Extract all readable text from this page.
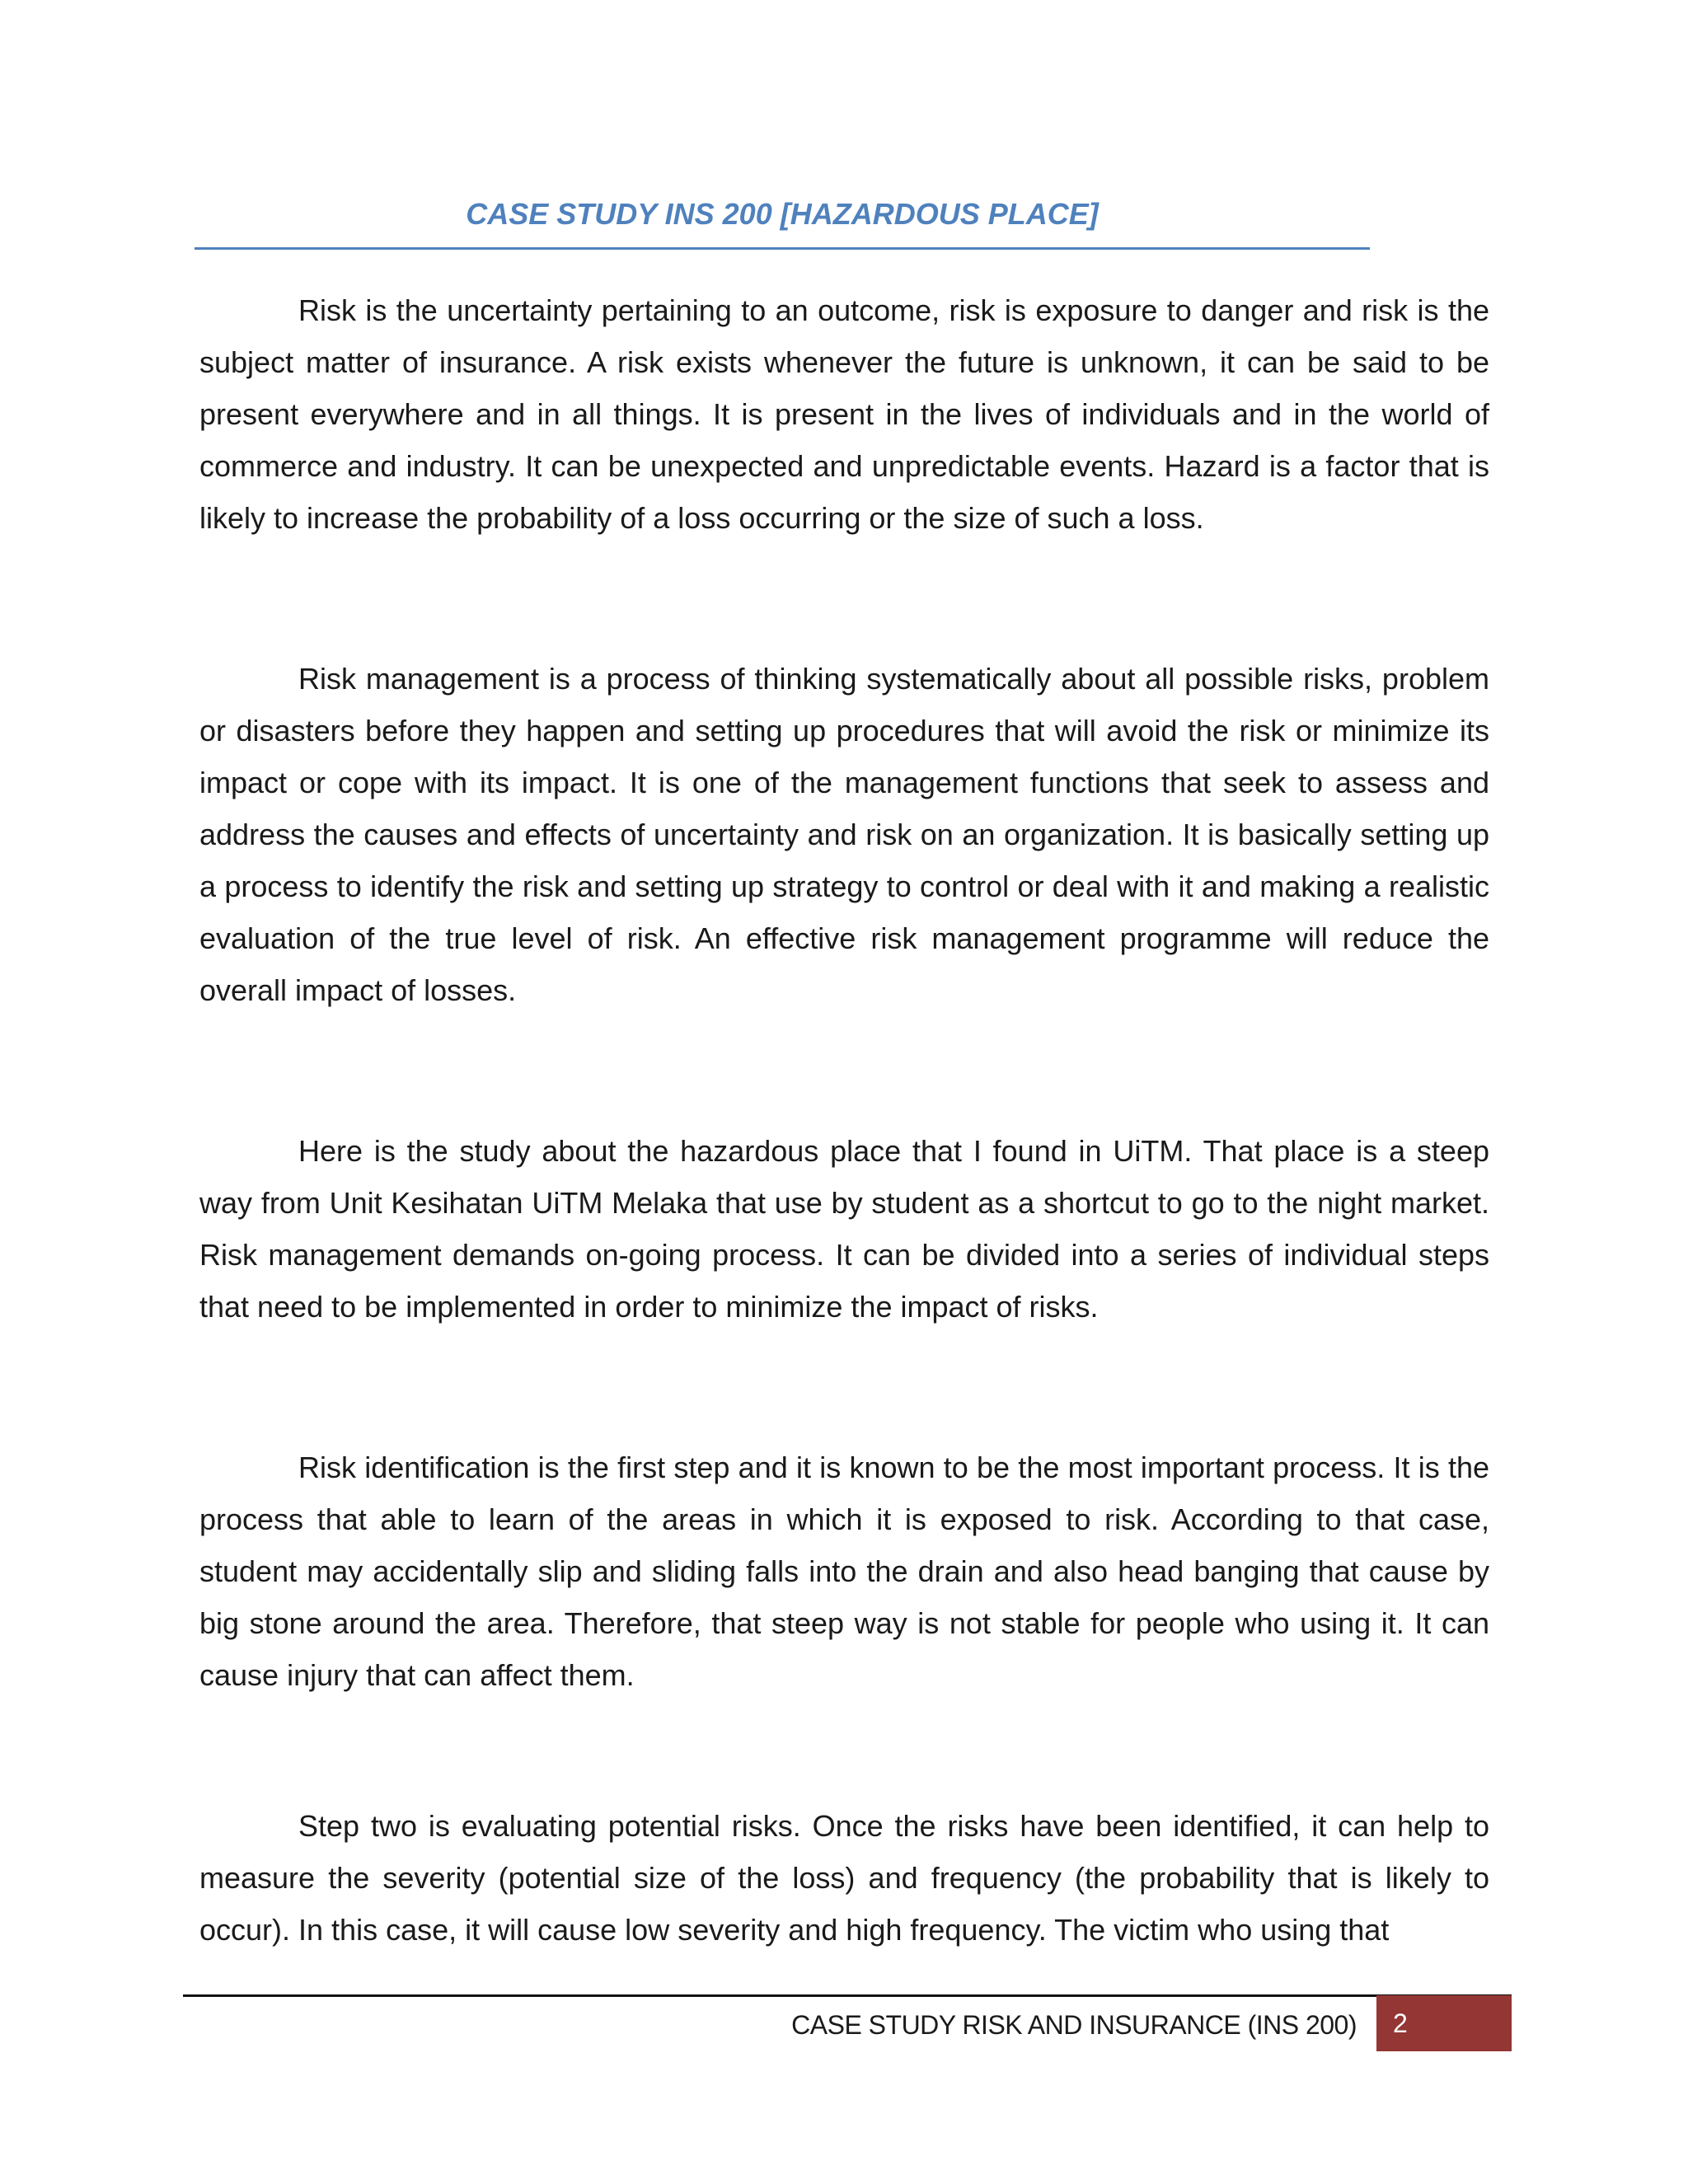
CASE STUDY INS 200 [HAZARDOUS PLACE]

Risk is the uncertainty pertaining to an outcome, risk is exposure to danger and risk is the subject matter of insurance. A risk exists whenever the future is unknown, it can be said to be present everywhere and in all things. It is present in the lives of individuals and in the world of commerce and industry. It can be unexpected and unpredictable events. Hazard is a factor that is likely to increase the probability of a loss occurring or the size of such a loss.

Risk management is a process of thinking systematically about all possible risks, problem or disasters before they happen and setting up procedures that will avoid the risk or minimize its impact or cope with its impact. It is one of the management functions that seek to assess and address the causes and effects of uncertainty and risk on an organization. It is basically setting up a process to identify the risk and setting up strategy to control or deal with it and making a realistic evaluation of the true level of risk. An effective risk management programme will reduce the overall impact of losses.

Here is the study about the hazardous place that I found in UiTM. That place is a steep way from Unit Kesihatan UiTM Melaka that use by student as a shortcut to go to the night market. Risk management demands on-going process. It can be divided into a series of individual steps that need to be implemented in order to minimize the impact of risks.

Risk identification is the first step and it is known to be the most important process. It is the process that able to learn of the areas in which it is exposed to risk. According to that case, student may accidentally slip and sliding falls into the drain and also head banging that cause by big stone around the area. Therefore, that steep way is not stable for people who using it. It can cause injury that can affect them.

Step two is evaluating potential risks. Once the risks have been identified, it can help to measure the severity (potential size of the loss) and frequency (the probability that is likely to occur). In this case, it will cause low severity and high frequency. The victim who using that

CASE STUDY RISK AND INSURANCE (INS 200)	2
